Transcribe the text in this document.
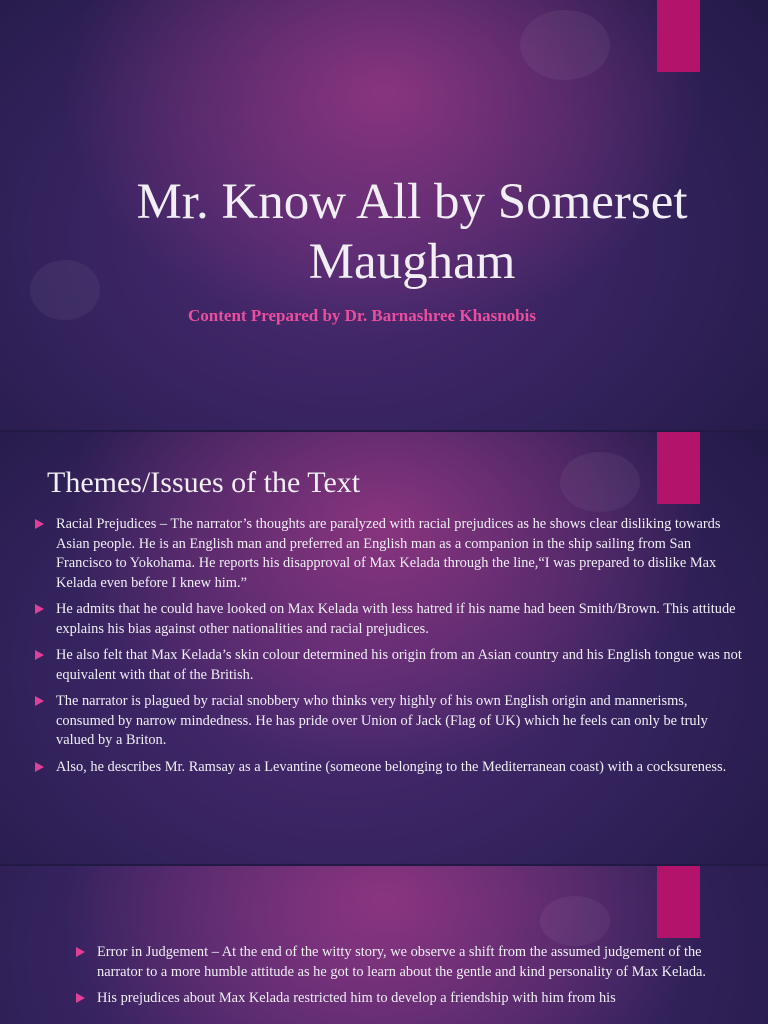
Mr. Know All by Somerset Maugham

Content Prepared by Dr. Barnashree Khasnobis

Themes/Issues of the Text
Racial Prejudices – The narrator’s thoughts are paralyzed with racial prejudices as he shows clear disliking towards Asian people. He is an English man and preferred an English man as a companion in the ship sailing from San Francisco to Yokohama. He reports his disapproval of Max Kelada through the line,“I was prepared to dislike Max Kelada even before I knew him.”
He admits that he could have looked on Max Kelada with less hatred if his name had been Smith/Brown. This attitude explains his bias against other nationalities and racial prejudices.
He also felt that Max Kelada’s skin colour determined his origin from an Asian country and his English tongue was not equivalent with that of the British.
The narrator is plagued by racial snobbery who thinks very highly of his own English origin and mannerisms, consumed by narrow mindedness. He has pride over Union of Jack (Flag of UK) which he feels can only be truly valued by a Briton.
Also, he describes Mr. Ramsay as a Levantine (someone belonging to the Mediterranean coast) with a cocksureness.
Error in Judgement – At the end of the witty story, we observe a shift from the assumed judgement of the narrator to a more humble attitude as he got to learn about the gentle and kind personality of Max Kelada.
His prejudices about Max Kelada restricted him to develop a friendship with him from his
